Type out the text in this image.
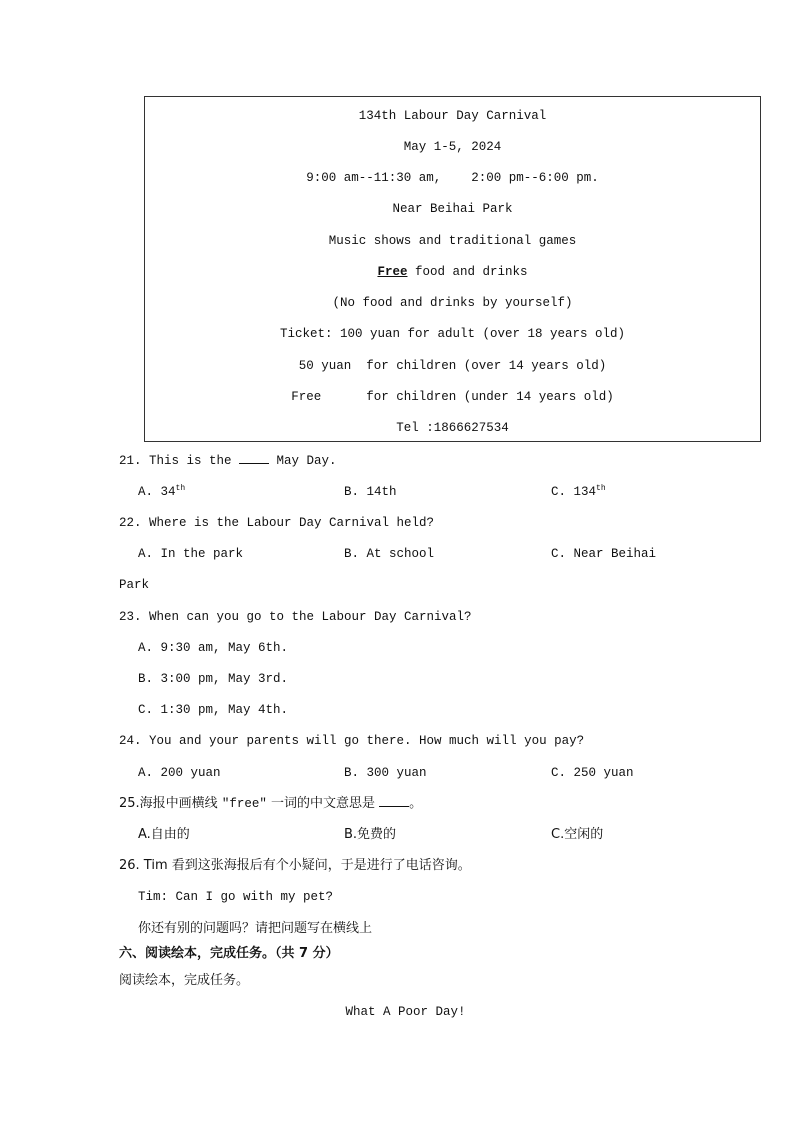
134th Labour Day Carnival
May 1-5, 2024
9:00 am--11:30 am,    2:00 pm--6:00 pm.
Near Beihai Park
Music shows and traditional games
Free food and drinks
(No food and drinks by yourself)
Ticket: 100 yuan for adult (over 18 years old)
50 yuan  for children (over 14 years old)
Free      for children (under 14 years old)
Tel :1866627534
21. This is the  May Day.
A. 34th	B. 14th	C. 134th
22. Where is the Labour Day Carnival held?
A. In the park	B. At school	C. Near Beihai
Park
23. When can you go to the Labour Day Carnival?
A. 9:30 am, May 6th.
B. 3:00 pm, May 3rd.
C. 1:30 pm, May 4th.
24. You and your parents will go there. How much will you pay?
A. 200 yuan	B. 300 yuan	C. 250 yuan
25.海报中画横线 "free" 一词的中文意思是 。
A.自由的	B.免费的	C.空闲的
26. Tim 看到这张海报后有个小疑问，于是进行了电话咨询。
Tim: Can I go with my pet?
你还有别的问题吗？请把问题写在横线上
六、阅读绘本，完成任务。（共 7 分）
阅读绘本，完成任务。
What A Poor Day!
